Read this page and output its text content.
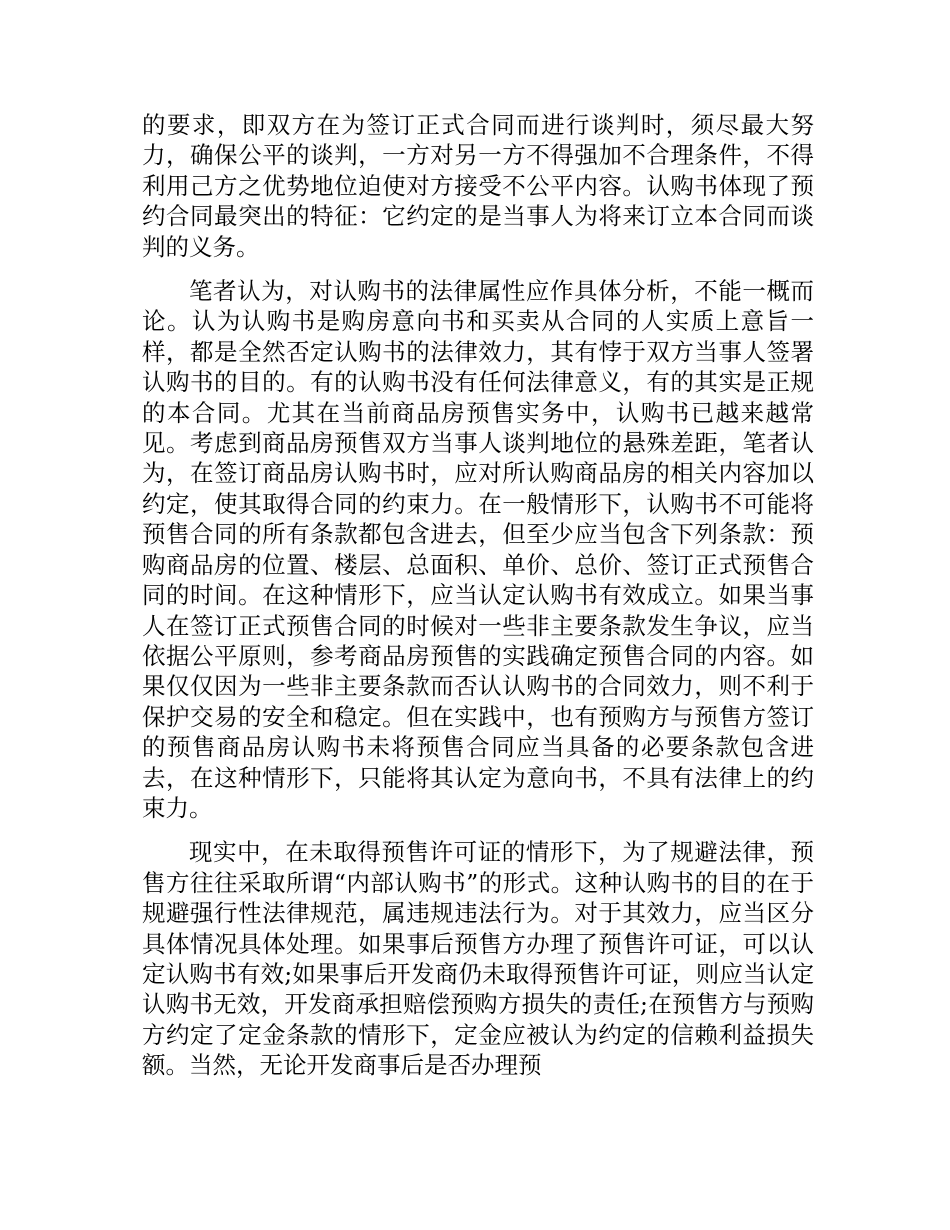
的要求，即双方在为签订正式合同而进行谈判时，须尽最大努力，确保公平的谈判，一方对另一方不得强加不合理条件，不得利用己方之优势地位迫使对方接受不公平内容。认购书体现了预约合同最突出的特征：它约定的是当事人为将来订立本合同而谈判的义务。

笔者认为，对认购书的法律属性应作具体分析，不能一概而论。认为认购书是购房意向书和买卖从合同的人实质上意旨一样，都是全然否定认购书的法律效力，其有悖于双方当事人签署认购书的目的。有的认购书没有任何法律意义，有的其实是正规的本合同。尤其在当前商品房预售实务中，认购书已越来越常见。考虑到商品房预售双方当事人谈判地位的悬殊差距，笔者认为，在签订商品房认购书时，应对所认购商品房的相关内容加以约定，使其取得合同的约束力。在一般情形下，认购书不可能将预售合同的所有条款都包含进去，但至少应当包含下列条款：预购商品房的位置、楼层、总面积、单价、总价、签订正式预售合同的时间。在这种情形下，应当认定认购书有效成立。如果当事人在签订正式预售合同的时候对一些非主要条款发生争议，应当依据公平原则，参考商品房预售的实践确定预售合同的内容。如果仅仅因为一些非主要条款而否认认购书的合同效力，则不利于保护交易的安全和稳定。但在实践中，也有预购方与预售方签订的预售商品房认购书未将预售合同应当具备的必要条款包含进去，在这种情形下，只能将其认定为意向书，不具有法律上的约束力。

现实中，在未取得预售许可证的情形下，为了规避法律，预售方往往采取所谓“内部认购书”的形式。这种认购书的目的在于规避强行性法律规范，属违规违法行为。对于其效力，应当区分具体情况具体处理。如果事后预售方办理了预售许可证，可以认定认购书有效;如果事后开发商仍未取得预售许可证，则应当认定认购书无效，开发商承担赔偿预购方损失的责任;在预售方与预购方约定了定金条款的情形下，定金应被认为约定的信赖利益损失额。当然，无论开发商事后是否办理预
